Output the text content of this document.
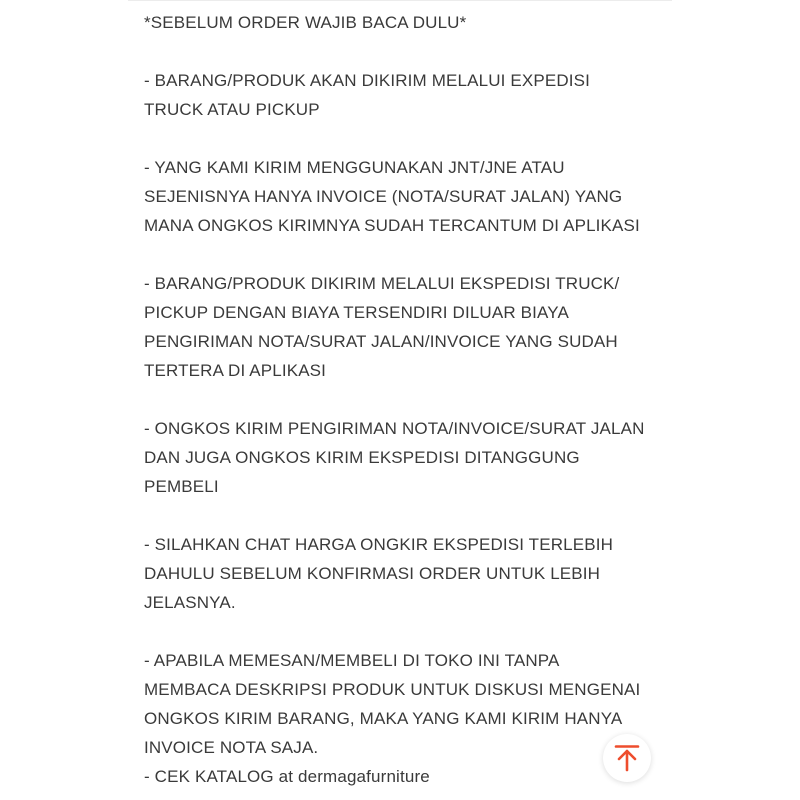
*SEBELUM ORDER WAJIB BACA DULU*
- BARANG/PRODUK AKAN DIKIRIM MELALUI EXPEDISI
TRUCK ATAU PICKUP
- YANG KAMI KIRIM MENGGUNAKAN JNT/JNE ATAU
SEJENISNYA HANYA INVOICE (NOTA/SURAT JALAN) YANG
MANA ONGKOS KIRIMNYA SUDAH TERCANTUM DI APLIKASI
- BARANG/PRODUK DIKIRIM MELALUI EKSPEDISI TRUCK/
PICKUP DENGAN BIAYA TERSENDIRI DILUAR BIAYA
PENGIRIMAN NOTA/SURAT JALAN/INVOICE YANG SUDAH
TERTERA DI APLIKASI
- ONGKOS KIRIM PENGIRIMAN NOTA/INVOICE/SURAT JALAN
DAN JUGA ONGKOS KIRIM EKSPEDISI DITANGGUNG
PEMBELI
- SILAHKAN CHAT HARGA ONGKIR EKSPEDISI TERLEBIH
DAHULU SEBELUM KONFIRMASI ORDER UNTUK LEBIH
JELASNYA.
- APABILA MEMESAN/MEMBELI DI TOKO INI TANPA
MEMBACA DESKRIPSI PRODUK UNTUK DISKUSI MENGENAI
ONGKOS KIRIM BARANG, MAKA YANG KAMI KIRIM HANYA
INVOICE NOTA SAJA.
- CEK KATALOG at dermagafurniture
